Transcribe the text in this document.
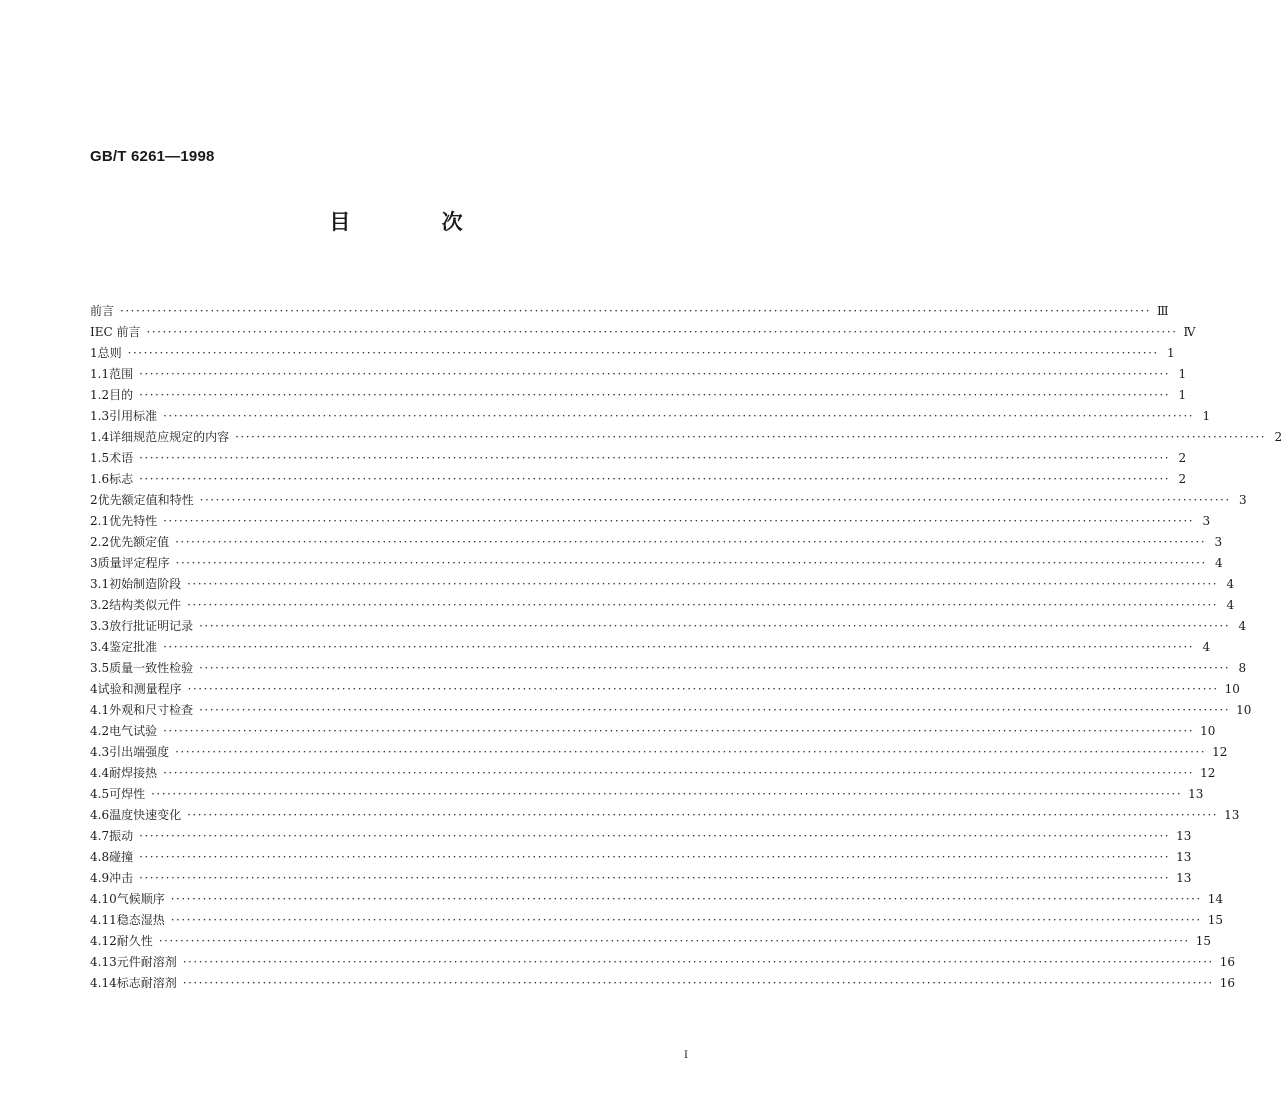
GB/T 6261—1998
目 次
前言 ·····	Ⅲ
IEC 前言 ·····	Ⅳ
1 总则 ·····	1
1.1 范围 ·····	1
1.2 目的 ·····	1
1.3 引用标准 ·····	1
1.4 详细规范应规定的内容 ·····	2
1.5 术语 ·····	2
1.6 标志 ·····	2
2 优先额定值和特性 ·····	3
2.1 优先特性 ·····	3
2.2 优先额定值 ·····	3
3 质量评定程序 ·····	4
3.1 初始制造阶段 ·····	4
3.2 结构类似元件 ·····	4
3.3 放行批证明记录 ·····	4
3.4 鉴定批准 ·····	4
3.5 质量一致性检验 ·····	8
4 试验和测量程序 ·····	10
4.1 外观和尺寸检查 ·····	10
4.2 电气试验 ·····	10
4.3 引出端强度 ·····	12
4.4 耐焊接热 ·····	12
4.5 可焊性 ·····	13
4.6 温度快速变化 ·····	13
4.7 振动 ·····	13
4.8 碰撞 ·····	13
4.9 冲击 ·····	13
4.10 气候顺序 ·····	14
4.11 稳态湿热 ·····	15
4.12 耐久性 ·····	15
4.13 元件耐溶剂 ·····	16
4.14 标志耐溶剂 ·····	16
I
